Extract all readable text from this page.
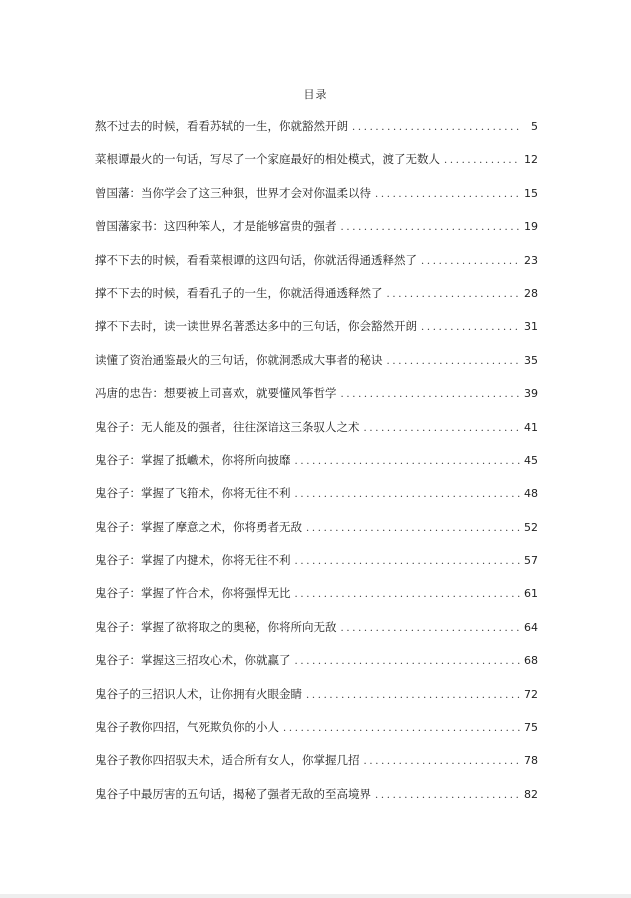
目录
熬不过去的时候，看看苏轼的一生，你就豁然开朗 . . .	5
菜根谭最火的一句话，写尽了一个家庭最好的相处模式，渡了无数人 . . .	12
曾国藩：当你学会了这三种狠，世界才会对你温柔以待 . . .	15
曾国藩家书：这四种笨人，才是能够富贵的强者 . . .	19
撑不下去的时候，看看菜根谭的这四句话，你就活得通透释然了 . . .	23
撑不下去的时候，看看孔子的一生，你就活得通透释然了 . . .	28
撑不下去时，读一读世界名著悉达多中的三句话，你会豁然开朗 . . .	31
读懂了资治通鉴最火的三句话，你就洞悉成大事者的秘诀 . . .	35
冯唐的忠告：想要被上司喜欢，就要懂风筝哲学 . . .	39
鬼谷子：无人能及的强者，往往深谙这三条驭人之术 . . .	41
鬼谷子：掌握了抵巇术，你将所向披靡 . . .	45
鬼谷子：掌握了飞箝术，你将无往不利 . . .	48
鬼谷子：掌握了摩意之术，你将勇者无敌 . . .	52
鬼谷子：掌握了内揵术，你将无往不利 . . .	57
鬼谷子：掌握了忤合术，你将强悍无比 . . .	61
鬼谷子：掌握了欲将取之的奥秘，你将所向无敌 . . .	64
鬼谷子：掌握这三招攻心术，你就赢了 . . .	68
鬼谷子的三招识人术，让你拥有火眼金睛 . . .	72
鬼谷子教你四招，气死欺负你的小人 . . .	75
鬼谷子教你四招驭夫术，适合所有女人，你掌握几招 . . .	78
鬼谷子中最厉害的五句话，揭秘了强者无敌的至高境界 . . .	82
